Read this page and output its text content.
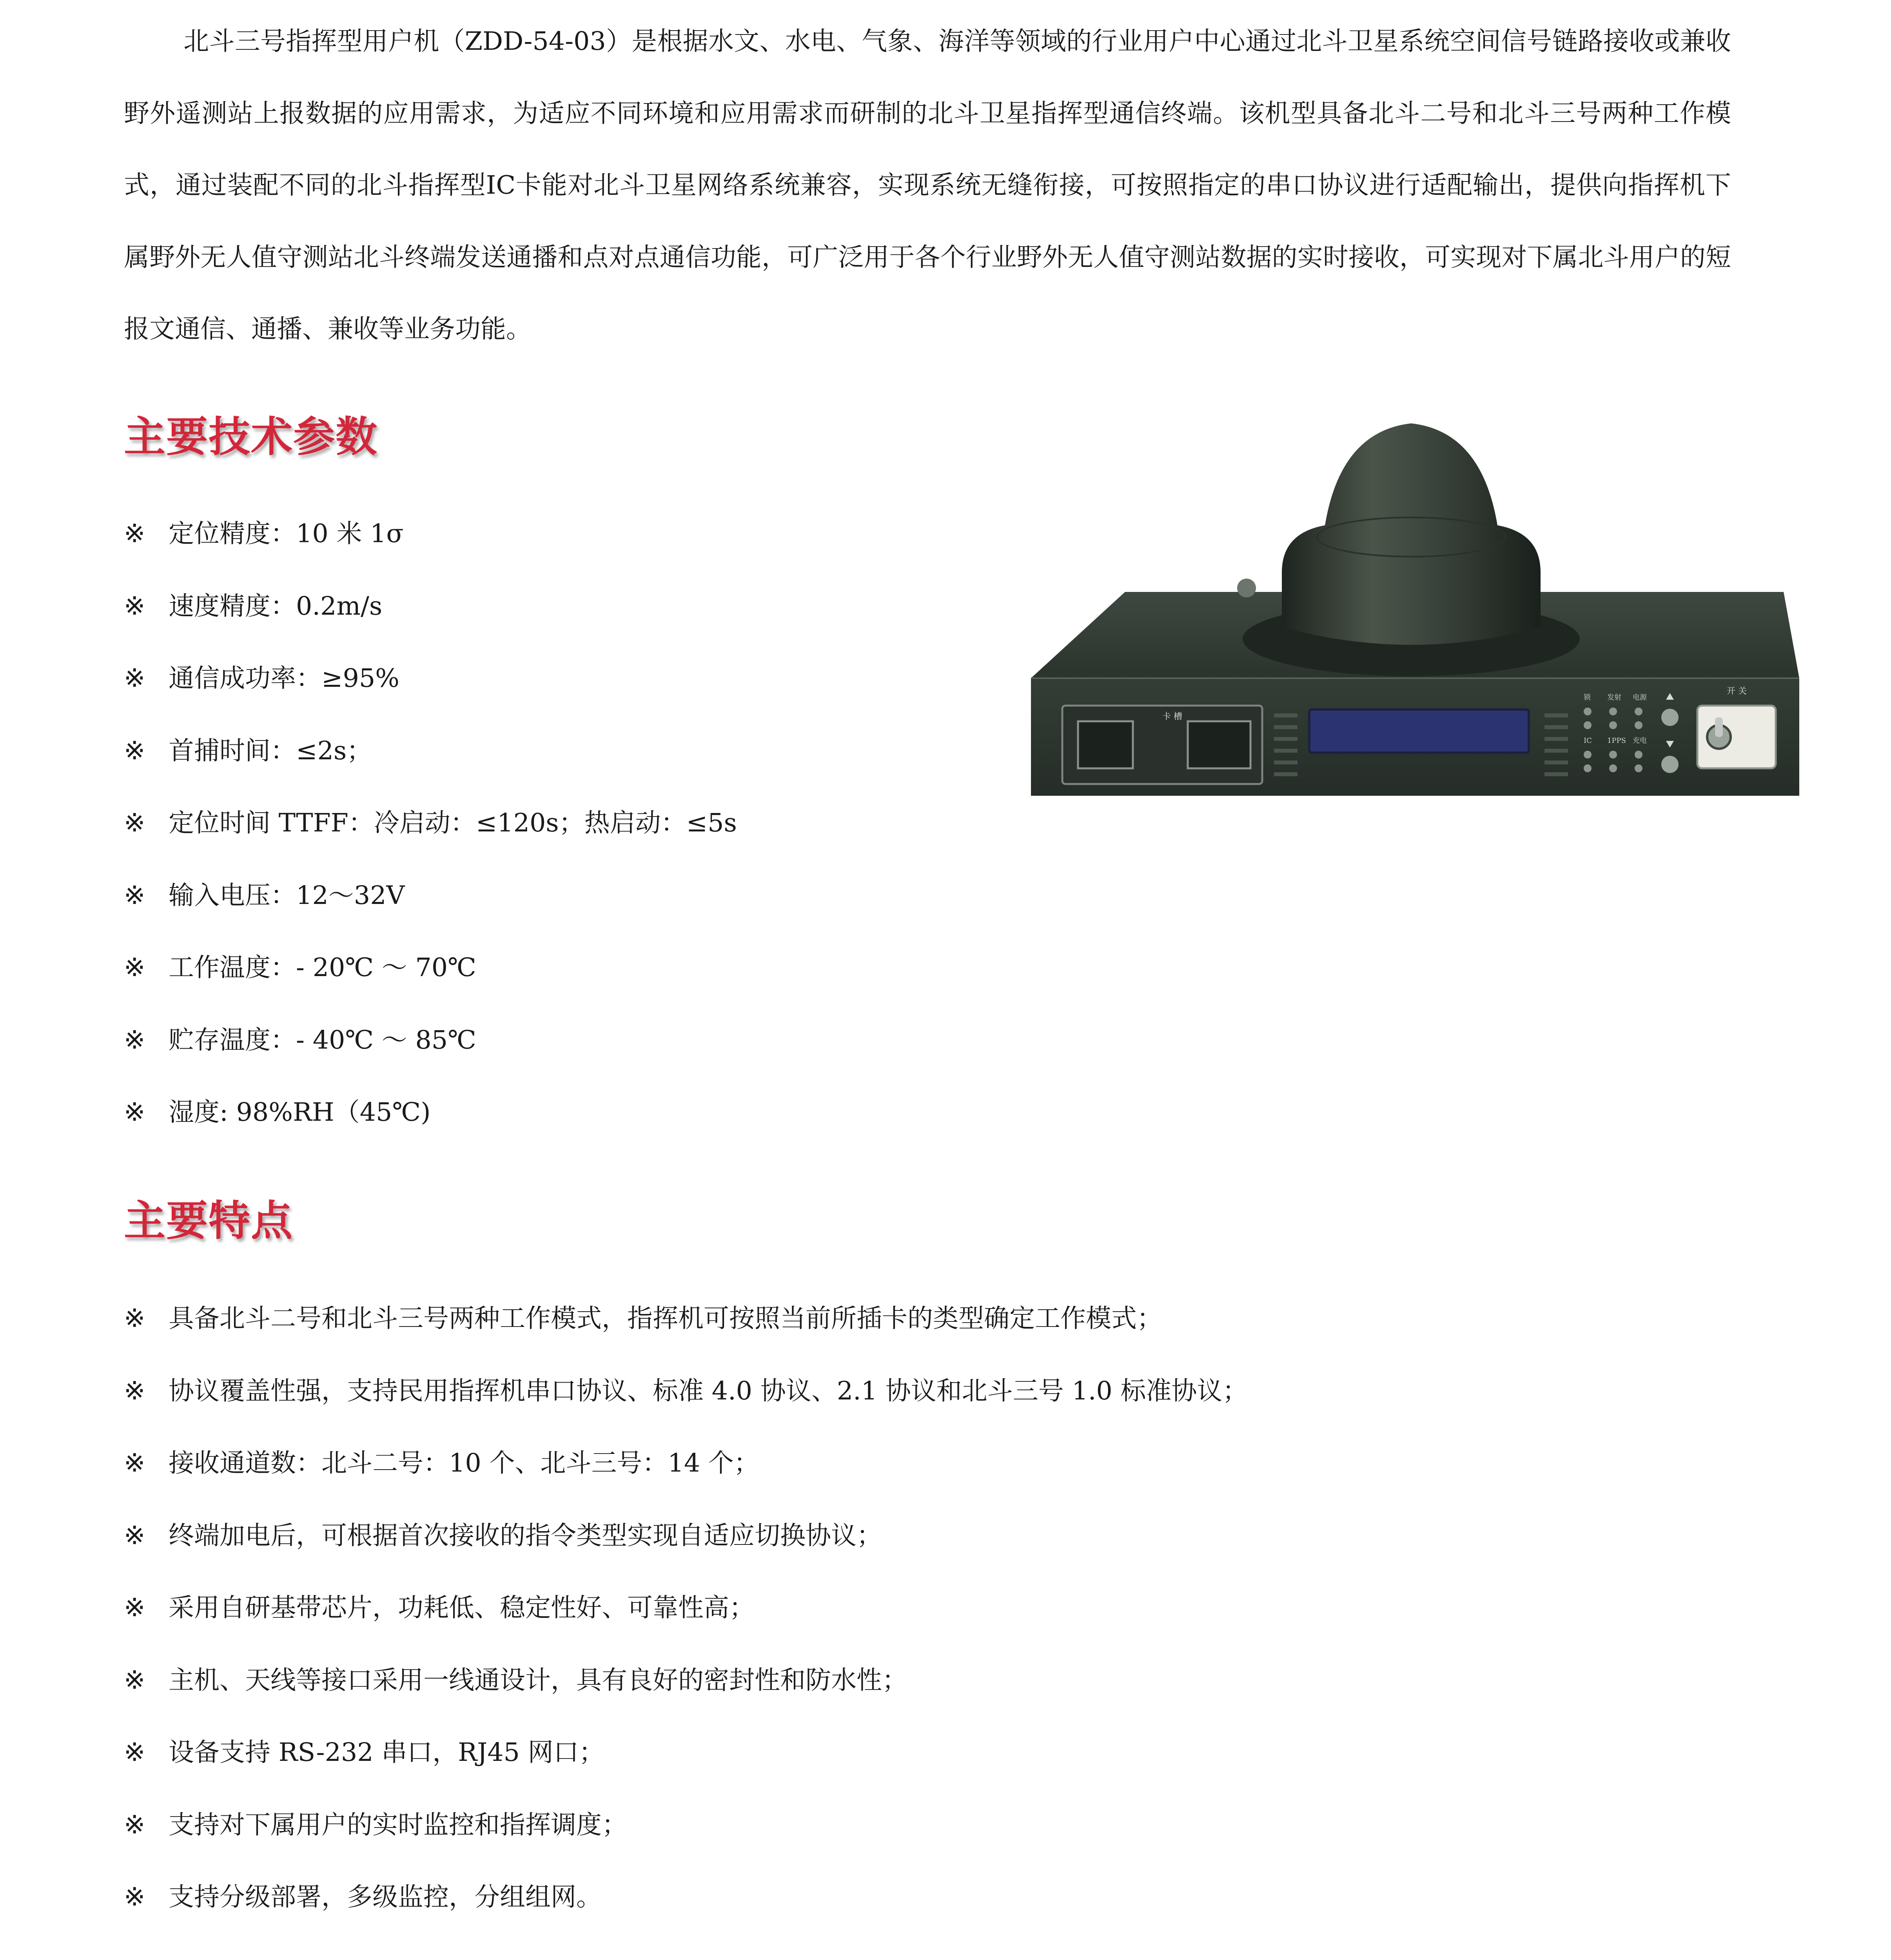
北斗三号指挥型用户机（ZDD-54-03）是根据水文、水电、气象、海洋等领域的行业用户中心通过北斗卫星系统空间信号链路接收或兼收野外遥测站上报数据的应用需求，为适应不同环境和应用需求而研制的北斗卫星指挥型通信终端。该机型具备北斗二号和北斗三号两种工作模式，通过装配不同的北斗指挥型IC卡能对北斗卫星网络系统兼容，实现系统无缝衔接，可按照指定的串口协议进行适配输出，提供向指挥机下属野外无人值守测站北斗终端发送通播和点对点通信功能，可广泛用于各个行业野外无人值守测站数据的实时接收，可实现对下属北斗用户的短报文通信、通播、兼收等业务功能。

主要技术参数
※ 定位精度：10 米 1σ
※ 速度精度：0.2m/s
※ 通信成功率：≥95%
※ 首捕时间：≤2s；
※ 定位时间 TTFF：冷启动：≤120s；热启动：≤5s
※ 输入电压：12～32V
※ 工作温度：- 20℃ ～ 70℃
※ 贮存温度：- 40℃ ～ 85℃
※ 湿度: 98%RH（45℃)
主要特点
※ 具备北斗二号和北斗三号两种工作模式，指挥机可按照当前所插卡的类型确定工作模式；
※ 协议覆盖性强，支持民用指挥机串口协议、标准 4.0 协议、2.1 协议和北斗三号 1.0 标准协议；
※ 接收通道数：北斗二号：10 个、北斗三号：14 个；
※ 终端加电后，可根据首次接收的指令类型实现自适应切换协议；
※ 采用自研基带芯片，功耗低、稳定性好、可靠性高；
※ 主机、天线等接口采用一线通设计，具有良好的密封性和防水性；
※ 设备支持 RS-232 串口，RJ45 网口；
※ 支持对下属用户的实时监控和指挥调度；
※ 支持分级部署，多级监控，分组组网。
卡 槽
锁 发射 电源
IC 1PPS 充电
开 关
